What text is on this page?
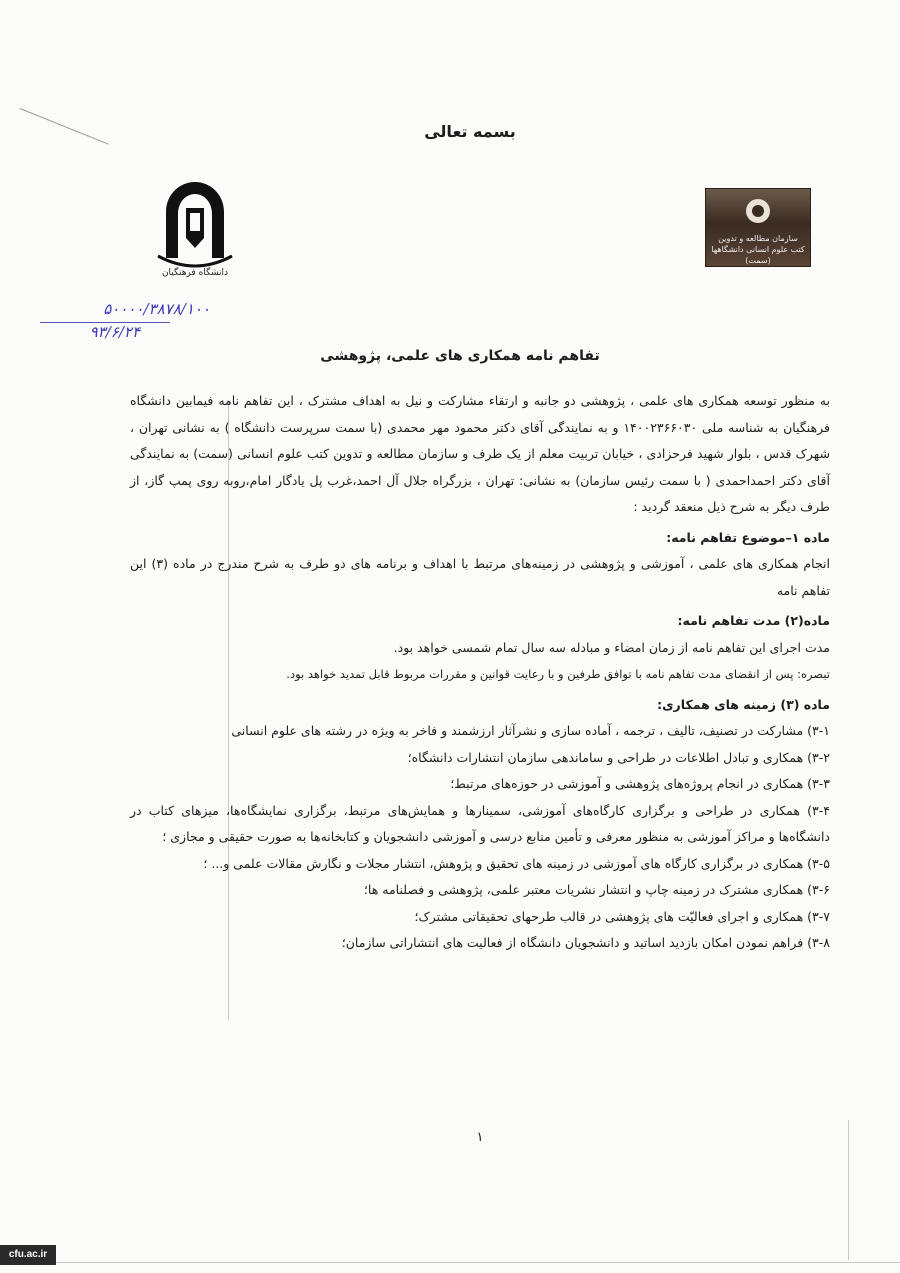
بسمه تعالی
دانشگاه فرهنگیان
سازمان مطالعه و تدوین کتب علوم انسانی دانشگاهها (سمت)
۵۰۰۰۰/۳۸۷۸/۱۰۰
۹۳/۶/۲۴
تفاهم نامه همکاری های علمی، پژوهشی

به منظور توسعه همکاری های علمی ، پژوهشی دو جانبه و ارتقاء مشارکت و نیل به اهداف مشترک ، این تفاهم نامه فیمابین دانشگاه فرهنگیان به شناسه ملی ۱۴۰۰۲۳۶۶۰۳۰ و به نمایندگی آقای دکتر محمود مهر محمدی (با سمت سرپرست دانشگاه ) به نشانی تهران ، شهرک قدس ، بلوار شهید فرحزادی ، خیابان تربیت معلم از یک طرف و سازمان مطالعه و تدوین کتب علوم انسانی (سمت) به نمایندگی آقای دکتر احمداحمدی ( با سمت رئیس سازمان) به نشانی: تهران ، بزرگراه جلال آل احمد،غرب پل یادگار امام،روبه روی پمپ گاز، از طرف دیگر به شرح ذیل منعقد گردید :

ماده ۱–موضوع تفاهم نامه:

انجام همکاری های علمی ، آموزشی و پژوهشی در زمینه‌های مرتبط با اهداف و برنامه های دو طرف به شرح مندرج در ماده (۳) این تفاهم نامه

ماده(۲) مدت تفاهم نامه:

مدت اجرای این تفاهم نامه از زمان امضاء و مبادله سه سال تمام شمسی خواهد بود.

تبصره: پس از انقضای مدت تفاهم نامه با توافق طرفین و با رعایت قوانین و مقررات مربوط قابل تمدید خواهد بود.

ماده (۳) زمینه های همکاری:

۳-۱) مشارکت در تصنیف، تالیف ، ترجمه ، آماده سازی و نشرآثار ارزشمند و فاخر به ویژه در رشته های علوم انسانی

۳-۲) همکاری و تبادل اطلاعات در طراحی و ساماندهی سازمان انتشارات دانشگاه؛

۳-۳) همکاری در انجام پروژه‌های پژوهشی و آموزشی در حوزه‌های مرتبط؛

۳-۴) همکاری در طراحی و برگزاری کارگاه‌های آموزشی، سمینارها و همایش‌های مرتبط، برگزاری نمایشگاه‌ها، میزهای کتاب در دانشگاه‌ها و مراکز آموزشی به منظور معرفی و تأمین منابع درسی و آموزشی دانشجویان و کتابخانه‌ها به صورت حقیقی و مجازی ؛

۳-۵) همکاری در برگزاری کارگاه های آموزشی در زمینه های تحقیق و پژوهش، انتشار مجلات و نگارش مقالات علمی و... ؛

۳-۶) همکاری مشترک در زمینه چاپ و انتشار نشریات معتبر علمی، پژوهشی و فصلنامه ها؛

۳-۷) همکاری و اجرای فعالیّت های پژوهشی در قالب طرحهای تحقیقاتی مشترک؛

۳-۸) فراهم نمودن امکان بازدید اساتید و دانشجویان دانشگاه از فعالیت های انتشاراتی سازمان؛

۱
cfu.ac.ir
